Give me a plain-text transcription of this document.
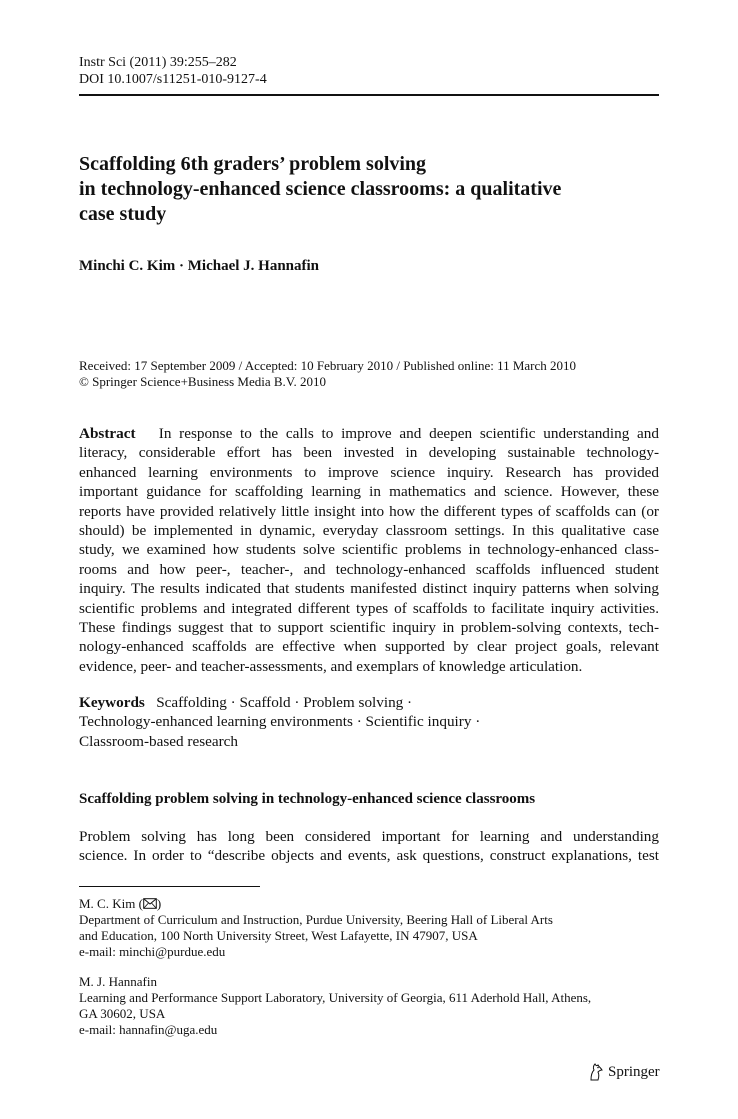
Instr Sci (2011) 39:255–282
DOI 10.1007/s11251-010-9127-4
Scaffolding 6th graders’ problem solving
in technology-enhanced science classrooms: a qualitative
case study
Minchi C. Kim · Michael J. Hannafin
Received: 17 September 2009 / Accepted: 10 February 2010 / Published online: 11 March 2010
© Springer Science+Business Media B.V. 2010
Abstract In response to the calls to improve and deepen scientific understanding and
literacy, considerable effort has been invested in developing sustainable technology-
enhanced learning environments to improve science inquiry. Research has provided
important guidance for scaffolding learning in mathematics and science. However, these
reports have provided relatively little insight into how the different types of scaffolds can (or
should) be implemented in dynamic, everyday classroom settings. In this qualitative case
study, we examined how students solve scientific problems in technology-enhanced class-
rooms and how peer-, teacher-, and technology-enhanced scaffolds influenced student
inquiry. The results indicated that students manifested distinct inquiry patterns when solving
scientific problems and integrated different types of scaffolds to facilitate inquiry activities.
These findings suggest that to support scientific inquiry in problem-solving contexts, tech-
nology-enhanced scaffolds are effective when supported by clear project goals, relevant
evidence, peer- and teacher-assessments, and exemplars of knowledge articulation.
Keywords Scaffolding · Scaffold · Problem solving ·
Technology-enhanced learning environments · Scientific inquiry ·
Classroom-based research
Scaffolding problem solving in technology-enhanced science classrooms
Problem solving has long been considered important for learning and understanding
science. In order to “describe objects and events, ask questions, construct explanations, test
M. C. Kim ( )
Department of Curriculum and Instruction, Purdue University, Beering Hall of Liberal Arts
and Education, 100 North University Street, West Lafayette, IN 47907, USA
e-mail: minchi@purdue.edu
M. J. Hannafin
Learning and Performance Support Laboratory, University of Georgia, 611 Aderhold Hall, Athens,
GA 30602, USA
e-mail: hannafin@uga.edu
Springer
